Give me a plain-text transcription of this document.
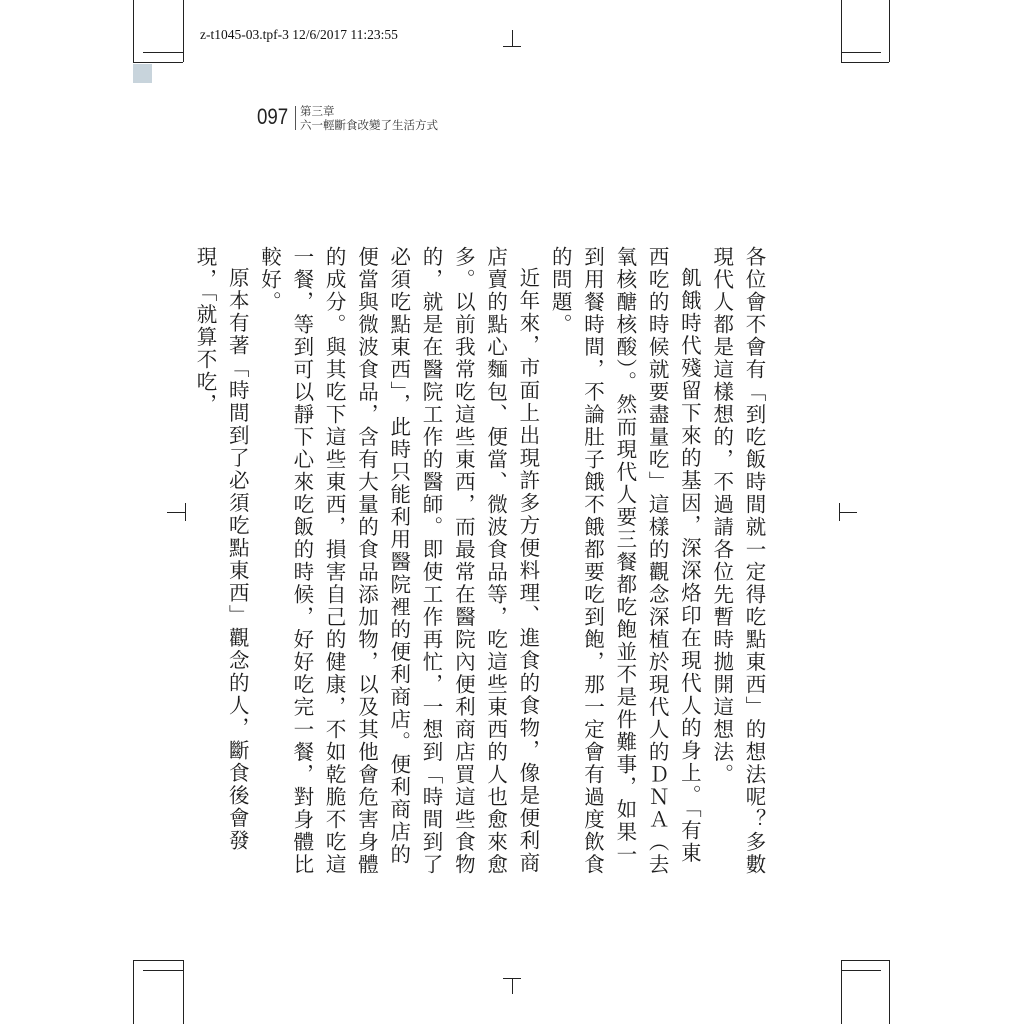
z-t1045-03.tpf-3 12/6/2017 11:23:55
097 第三章
六一輕斷食改變了生活方式

各位會不會有「到吃飯時間就一定得吃點東西」的想法呢？多數現代人都是這樣想的，不過請各位先暫時拋開這想法。

飢餓時代殘留下來的基因，深深烙印在現代人的身上。「有東西吃的時候就要盡量吃」這樣的觀念深植於現代人的ＤＮＡ（去氧核醣核酸）。然而現代人要三餐都吃飽並不是件難事，如果一到用餐時間，不論肚子餓不餓都要吃到飽，那一定會有過度飲食的問題。

近年來，市面上出現許多方便料理、進食的食物，像是便利商店賣的點心麵包、便當、微波食品等，吃這些東西的人也愈來愈多。以前我常吃這些東西，而最常在醫院內便利商店買這些食物的，就是在醫院工作的醫師。即使工作再忙，一想到「時間到了必須吃點東西」，此時只能利用醫院裡的便利商店。便利商店的便當與微波食品，含有大量的食品添加物，以及其他會危害身體的成分。與其吃下這些東西，損害自己的健康，不如乾脆不吃這一餐，等到可以靜下心來吃飯的時候，好好吃完一餐，對身體比較好。

原本有著「時間到了必須吃點東西」觀念的人，斷食後會發現，「就算不吃，
